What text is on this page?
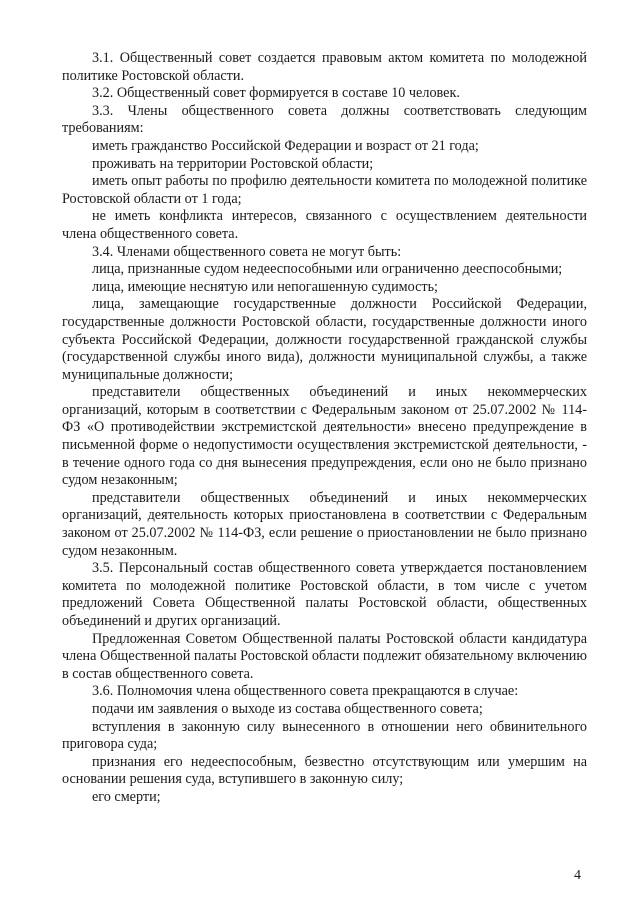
3.1. Общественный совет создается правовым актом комитета по молодежной политике Ростовской области.

3.2. Общественный совет формируется в составе 10 человек.

3.3. Члены общественного совета должны соответствовать следующим требованиям:

иметь гражданство Российской Федерации и возраст от 21 года;

проживать на территории Ростовской области;

иметь опыт работы по профилю деятельности комитета по молодежной политике Ростовской области от 1 года;

не иметь конфликта интересов, связанного с осуществлением деятельности члена общественного совета.

3.4. Членами общественного совета не могут быть:

лица, признанные судом недееспособными или ограниченно дееспособными;

лица, имеющие неснятую или непогашенную судимость;

лица, замещающие государственные должности Российской Федерации, государственные должности Ростовской области, государственные должности иного субъекта Российской Федерации, должности государственной гражданской службы (государственной службы иного вида), должности муниципальной службы, а также муниципальные должности;

представители общественных объединений и иных некоммерческих организаций, которым в соответствии с Федеральным законом от 25.07.2002 № 114-ФЗ «О противодействии экстремистской деятельности» внесено предупреждение в письменной форме о недопустимости осуществления экстремистской деятельности, - в течение одного года со дня вынесения предупреждения, если оно не было признано судом незаконным;

представители общественных объединений и иных некоммерческих организаций, деятельность которых приостановлена в соответствии с Федеральным законом от 25.07.2002 № 114-ФЗ, если решение о приостановлении не было признано судом незаконным.

3.5. Персональный состав общественного совета утверждается постановлением комитета по молодежной политике Ростовской области, в том числе с учетом предложений Совета Общественной палаты Ростовской области, общественных объединений и других организаций.

Предложенная Советом Общественной палаты Ростовской области кандидатура члена Общественной палаты Ростовской области подлежит обязательному включению в состав общественного совета.

3.6. Полномочия члена общественного совета прекращаются в случае:

подачи им заявления о выходе из состава общественного совета;

вступления в законную силу вынесенного в отношении него обвинительного приговора суда;

признания его недееспособным, безвестно отсутствующим или умершим на основании решения суда, вступившего в законную силу;

его смерти;

4
